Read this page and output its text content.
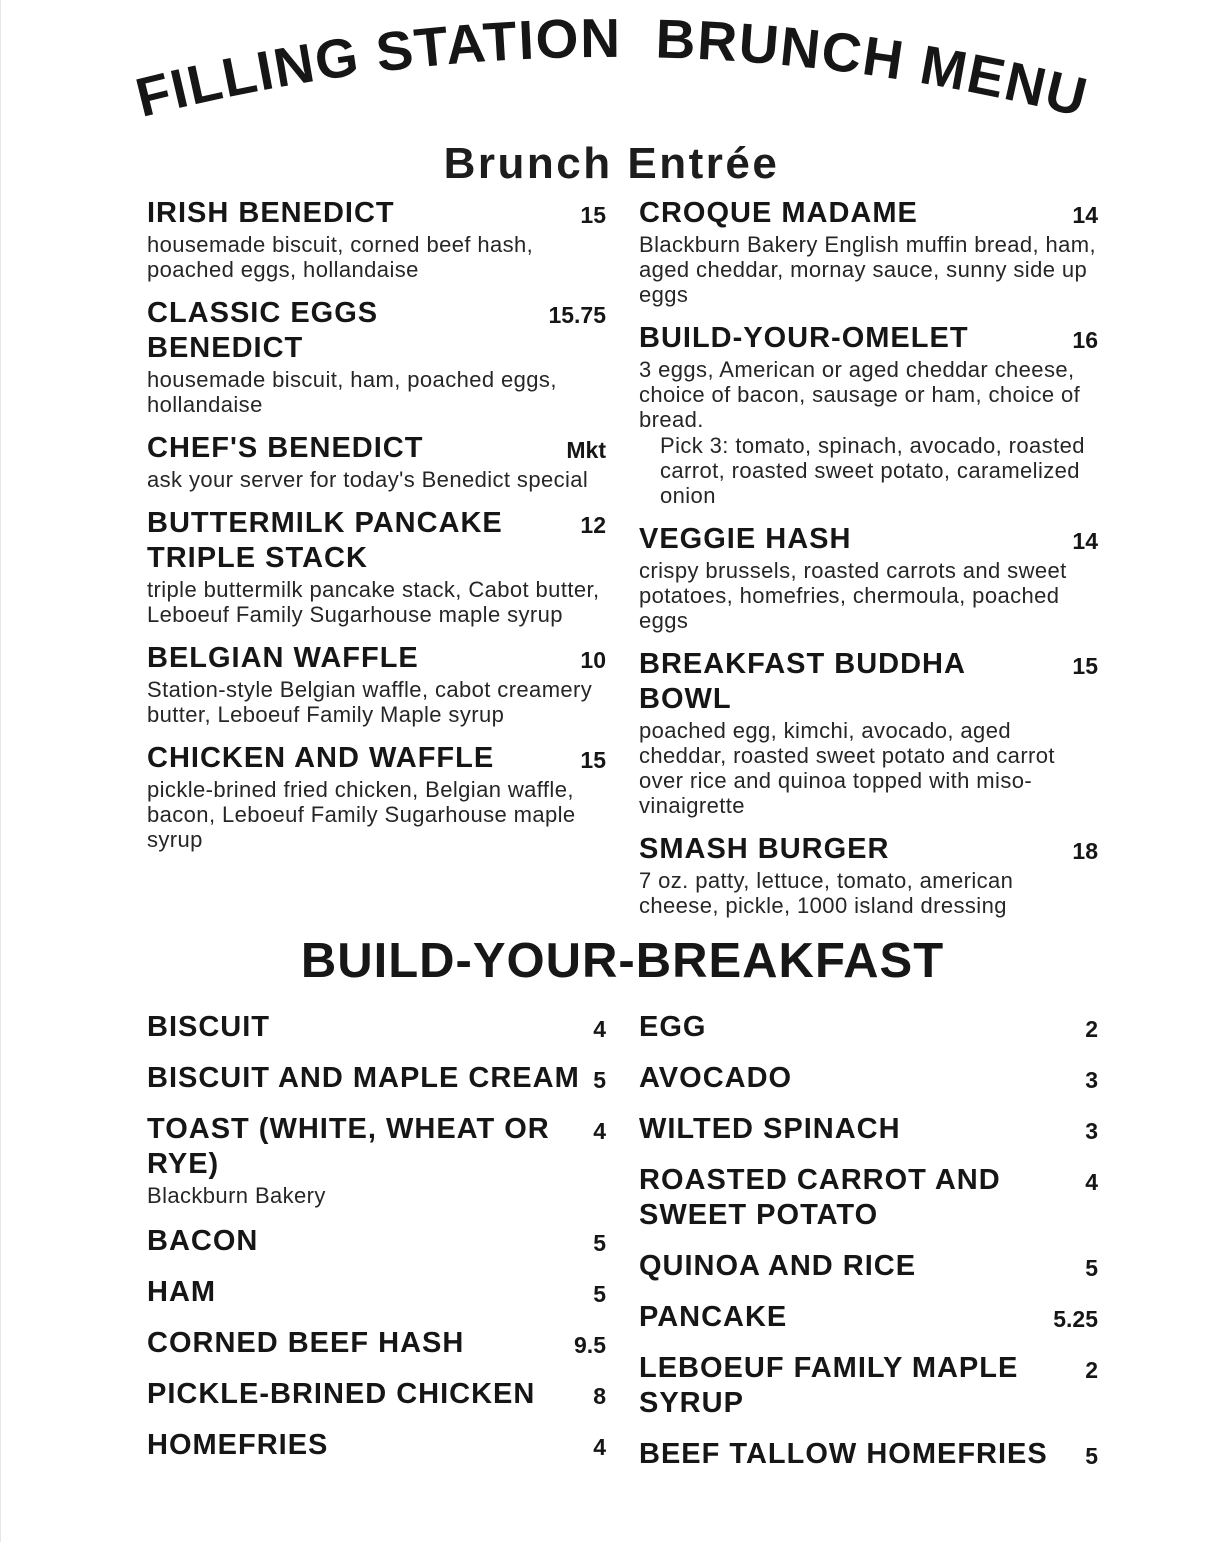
FILLING STATION  BRUNCH MENU
Brunch Entrée
IRISH BENEDICT	15
housemade biscuit, corned beef hash, poached eggs, hollandaise
CLASSIC EGGS BENEDICT
15.75
housemade biscuit, ham, poached eggs, hollandaise
CHEF'S BENEDICT	Mkt
ask your server for today's Benedict special
BUTTERMILK PANCAKE TRIPLE STACK
12
triple buttermilk pancake stack, Cabot butter, Leboeuf Family Sugarhouse maple syrup
BELGIAN WAFFLE	10
Station-style Belgian waffle, cabot creamery butter, Leboeuf Family Maple syrup
CHICKEN AND WAFFLE	15
pickle-brined fried chicken, Belgian waffle, bacon, Leboeuf Family Sugarhouse maple syrup
CROQUE MADAME	14
Blackburn Bakery English muffin bread, ham, aged cheddar, mornay sauce, sunny side up eggs
BUILD-YOUR-OMELET	16
3 eggs, American or aged cheddar cheese, choice of bacon, sausage or ham, choice of bread.
Pick 3: tomato, spinach, avocado, roasted carrot, roasted sweet potato, caramelized onion
VEGGIE HASH	14
crispy brussels, roasted carrots and sweet potatoes, homefries, chermoula, poached eggs
BREAKFAST BUDDHA BOWL
15
poached egg, kimchi, avocado, aged cheddar, roasted sweet potato and carrot over rice and quinoa topped with miso-vinaigrette
SMASH BURGER	18
7 oz. patty, lettuce, tomato, american cheese, pickle, 1000 island dressing
BUILD-YOUR-BREAKFAST
BISCUIT	4
BISCUIT AND MAPLE CREAM 5
TOAST (WHITE, WHEAT OR RYE)
4
Blackburn Bakery
BACON	5
HAM	5
CORNED BEEF HASH	9.5
PICKLE-BRINED CHICKEN	8
HOMEFRIES	4
EGG	2
AVOCADO	3
WILTED SPINACH	3
ROASTED CARROT AND SWEET POTATO
4
QUINOA AND RICE	5
PANCAKE	5.25
LEBOEUF FAMILY MAPLE SYRUP
2
BEEF TALLOW HOMEFRIES	5
